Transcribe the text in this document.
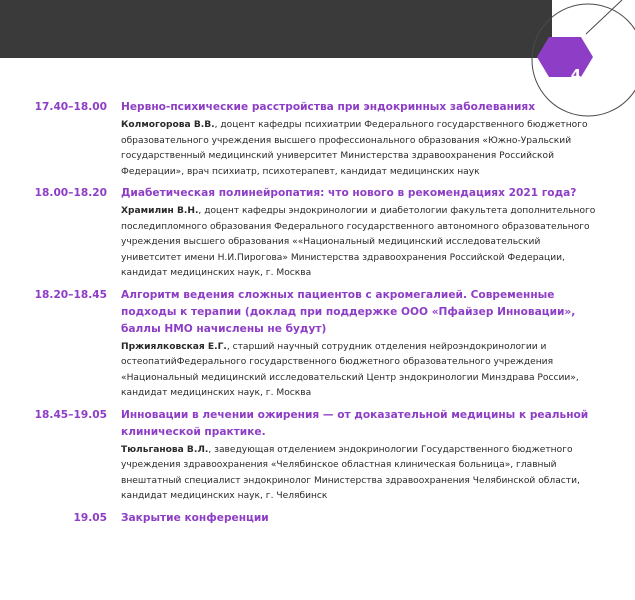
4
17.40–18.00 Нервно-психические расстройства при эндокринных заболеваниях

Колмогорова В.В., доцент кафедры психиатрии Федерального государственного бюджетного образовательного учреждения высшего профессионального образования «Южно-Уральский государственный медицинский университет Министерства здравоохранения Российской Федерации», врач психиатр, психотерапевт, кандидат медицинских наук

18.00–18.20 Диабетическая полинейропатия: что нового в рекомендациях 2021 года?

Храмилин В.Н., доцент кафедры эндокринологии и диабетологии факультета дополнительного последипломного образования Федерального государственного автономного образовательного учреждения высшего образования ««Национальный медицинский исследовательский униветситет имени Н.И.Пирогова» Министерства здравоохранения Российской Федерации, кандидат медицинских наук, г. Москва

18.20–18.45 Алгоритм ведения сложных пациентов с акромегалией. Современные подходы к терапии (доклад при поддержке ООО «Пфайзер Инновации», баллы НМО начислены не будут)

Пржиялковская Е.Г., старший научный сотрудник отделения нейроэндокринологии и остеопатийФедерального государственного бюджетного образовательного учреждения «Национальный медицинский исследовательский Центр эндокринологии Минздрава России», кандидат медицинских наук, г. Москва

18.45–19.05 Инновации в лечении ожирения — от доказательной медицины к реальной клинической практике.

Тюльганова В.Л., заведующая отделением эндокринологии Государственного бюджетного учреждения здравоохранения «Челябинское областная клиническая больница», главный внештатный специалист эндокринолог Министерства здравоохранения Челябинской области, кандидат медицинских наук, г. Челябинск

19.05 Закрытие конференции
